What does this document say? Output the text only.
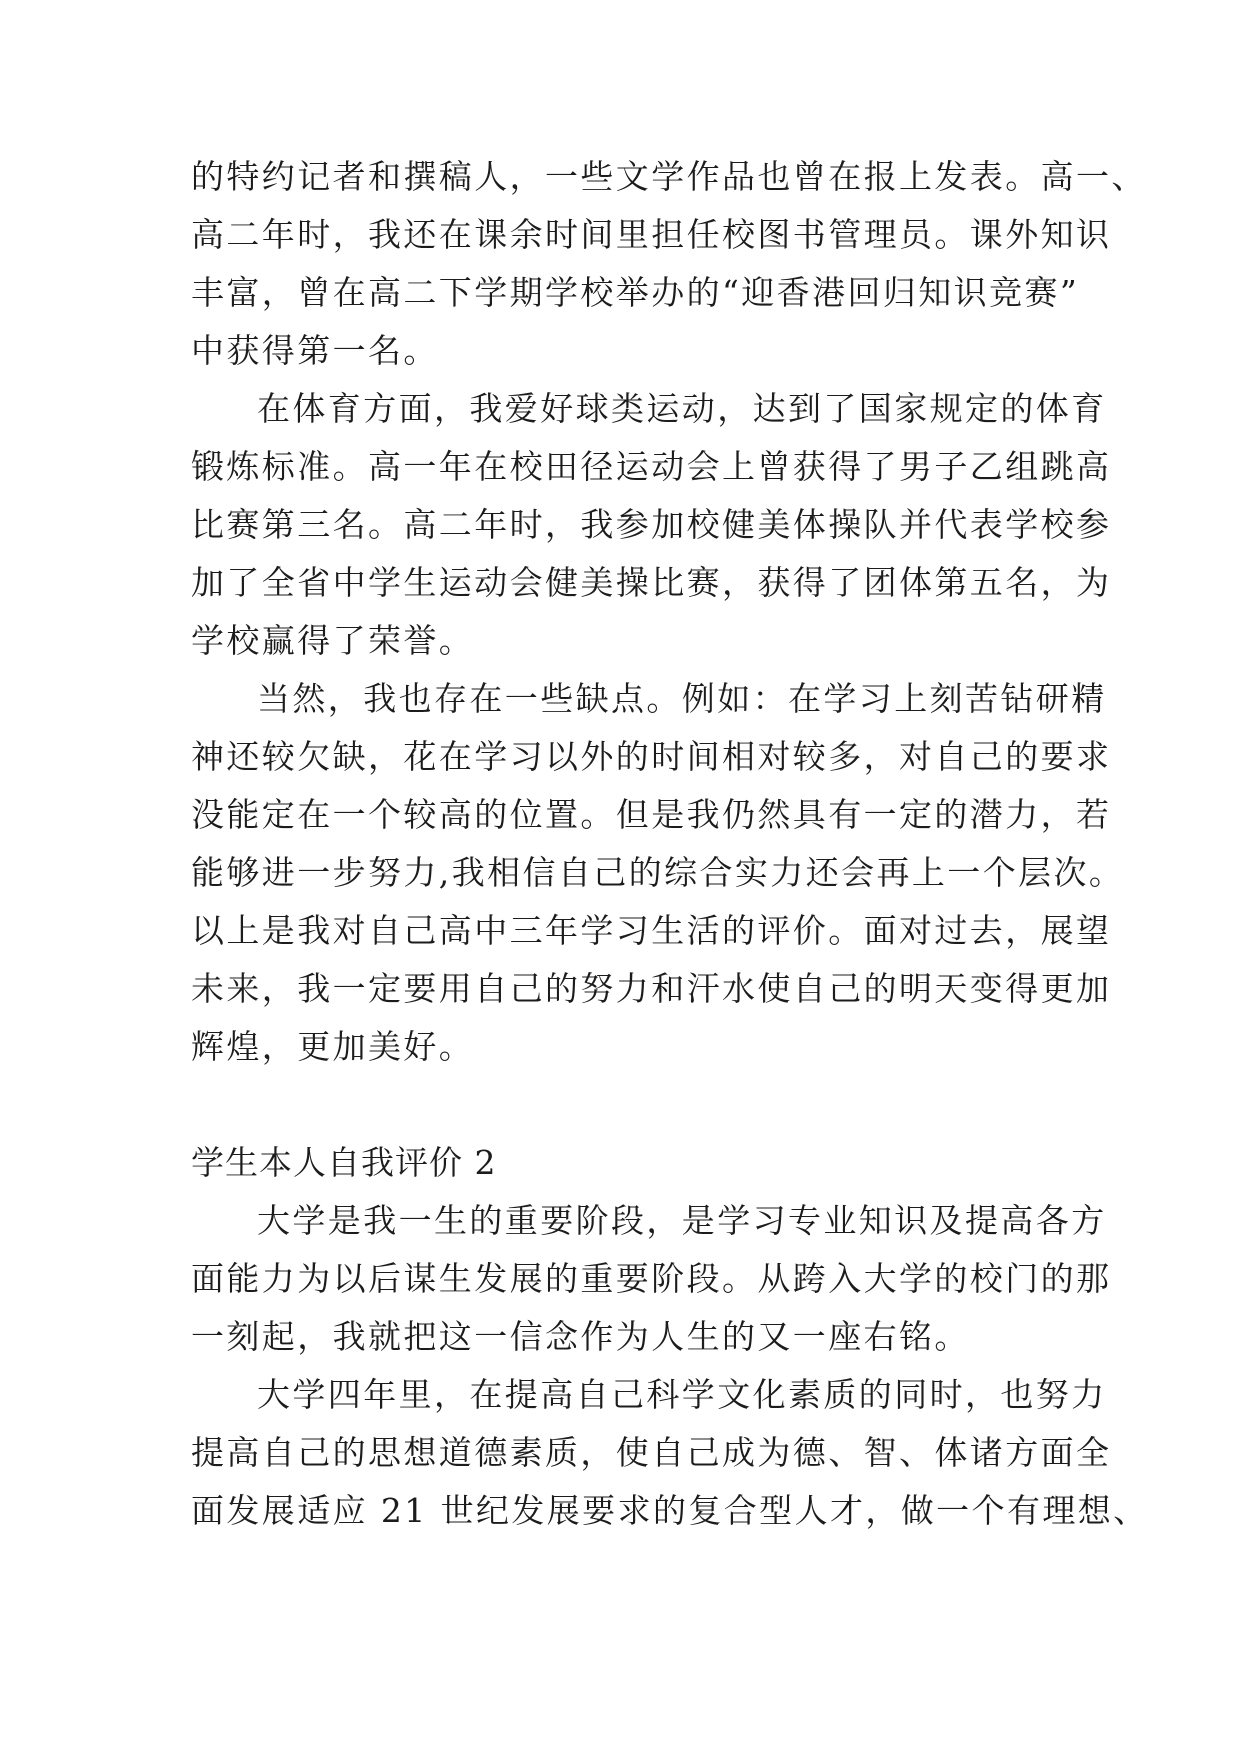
的特约记者和撰稿人，一些文学作品也曾在报上发表。高一、
高二年时，我还在课余时间里担任校图书管理员。课外知识
丰富，曾在高二下学期学校举办的“迎香港回归知识竞赛”
中获得第一名。
在体育方面，我爱好球类运动，达到了国家规定的体育
锻炼标准。高一年在校田径运动会上曾获得了男子乙组跳高
比赛第三名。高二年时，我参加校健美体操队并代表学校参
加了全省中学生运动会健美操比赛，获得了团体第五名，为
学校赢得了荣誉。
当然，我也存在一些缺点。例如：在学习上刻苦钻研精
神还较欠缺，花在学习以外的时间相对较多，对自己的要求
没能定在一个较高的位置。但是我仍然具有一定的潜力，若
能够进一步努力,我相信自己的综合实力还会再上一个层次。
以上是我对自己高中三年学习生活的评价。面对过去，展望
未来，我一定要用自己的努力和汗水使自己的明天变得更加
辉煌，更加美好。
学生本人自我评价 2
大学是我一生的重要阶段，是学习专业知识及提高各方
面能力为以后谋生发展的重要阶段。从跨入大学的校门的那
一刻起，我就把这一信念作为人生的又一座右铭。
大学四年里，在提高自己科学文化素质的同时，也努力
提高自己的思想道德素质，使自己成为德、智、体诸方面全
面发展适应 21 世纪发展要求的复合型人才，做一个有理想、
